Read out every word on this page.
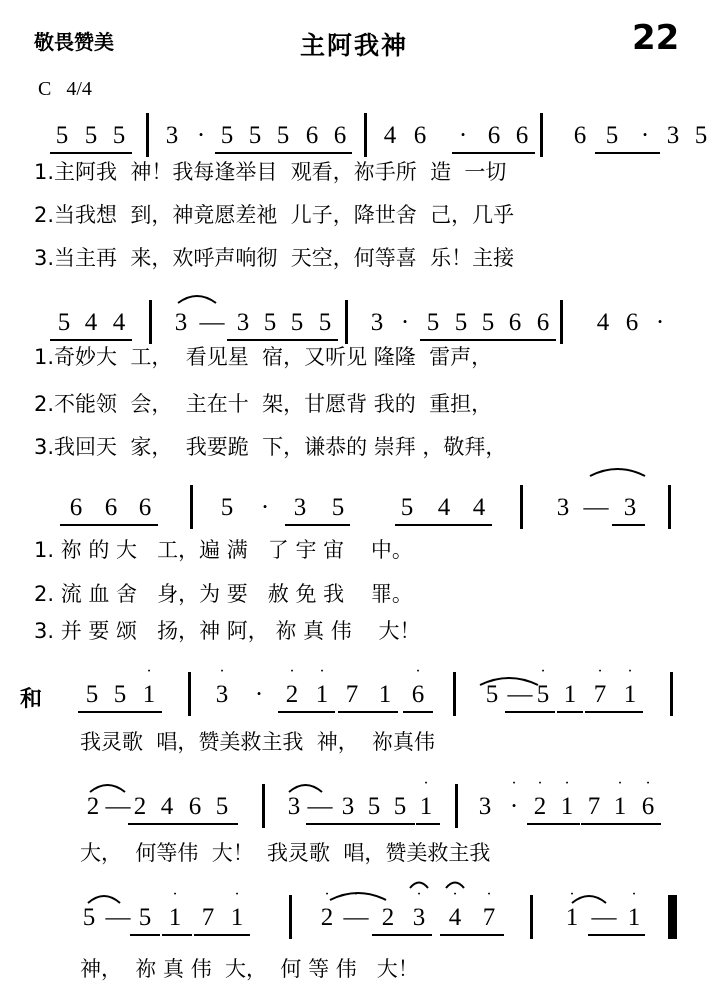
敬畏赞美	主阿我神	22
C   4/4
5 5 5 3 · 5 5 5 6 6 4 6 · 6 6 6 5 · 3 5
1.主阿我  神！我每逢举目  观看，祢手所  造  一切
2.当我想  到，神竟愿差祂  儿子，降世舍  己，几乎
3.当主再  来，欢呼声响彻  天空，何等喜  乐！主接
5 4 4 3 — 3 5 5 5 3 · 5 5 5 6 6 4 6 ·
1.奇妙大  工，  看见星  宿，又听见 隆隆  雷声，
2.不能领  会，  主在十  架，甘愿背 我的  重担，
3.我回天  家，  我要跪  下，谦恭的 崇拜 ，敬拜，
6 6 6	5 · 3 5 5 4 4	3 — 3
1. 祢 的 大   工，遍 满   了 宇 宙    中。
2. 流 血 舍   身，为 要   赦 免 我    罪。
3. 并 要 颂   扬，神 阿， 祢 真 伟    大！
和 5 5 1
·
3
·
· 2
·
1
·
7 1 6
·
5 — 5
·
1 7
·
1
·
我灵歌  唱，赞美救主我  神，  祢真伟
2 — 2 4 6 5 3 — 3 5 5 1
·
3 ·
·
2
·
1
·
7 1
·
6
·
大，  何等伟  大！  我灵歌  唱，赞美救主我
5 — 5 1
·
7 1
·
2
·
—
·
2 3
·
4
·
7
·
1
·
— 1
·
神，  祢 真 伟  大，  何 等 伟   大！
